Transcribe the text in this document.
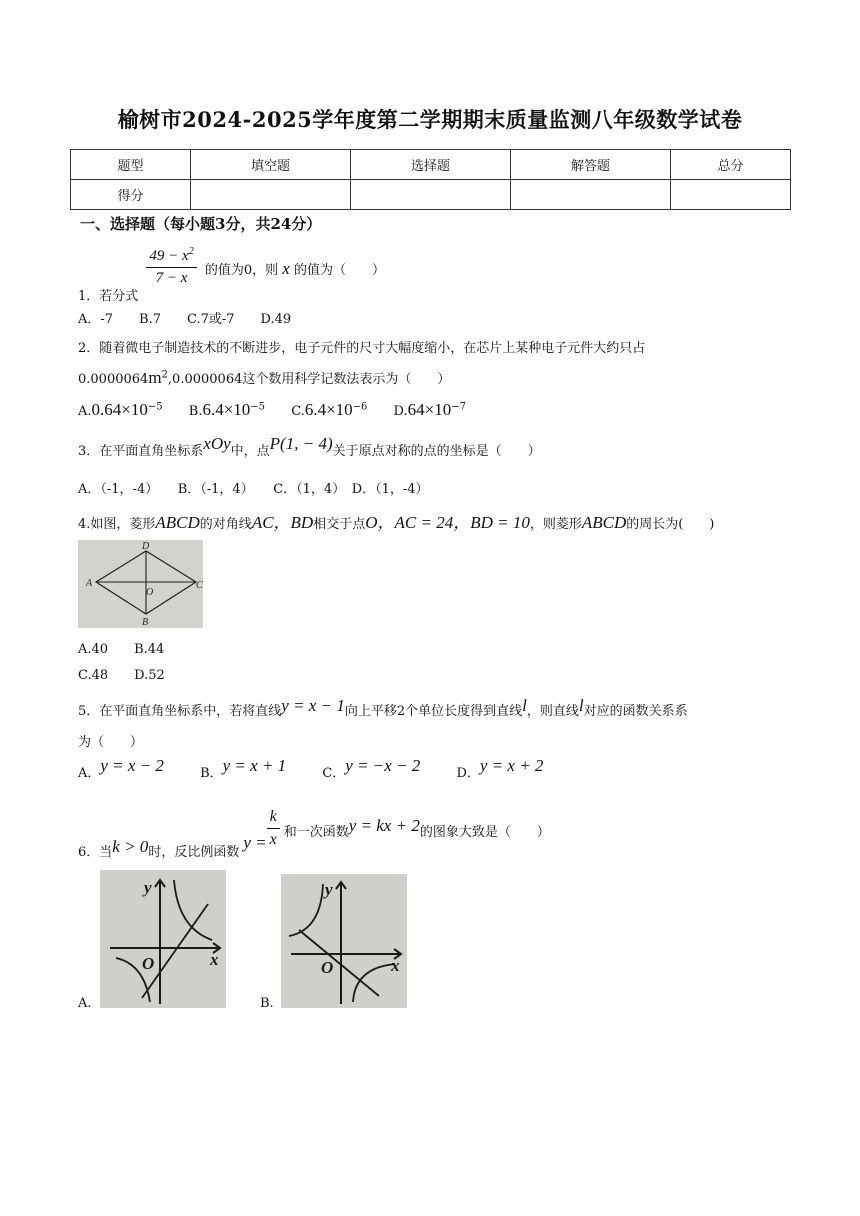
榆树市2024-2025学年度第二学期期末质量监测八年级数学试卷
题型	填空题	选择题	解答题	总分
得分				
一、选择题（每小题3分，共24分）
1．若分式
$\frac{49 - x^2}{7 - x}$ 的值为0，则 x 的值为（　　）
A．-7　　B.7　　C.7或-7　　D.49
2．随着微电子制造技术的不断进步，电子元件的尺寸大幅度缩小，在芯片上某种电子元件大约只占
$0.0000064m^2,0.0000064$这个数用科学记数法表示为（　　）
$A.0.64\times 10^{-5}$ $B.6.4\times 10^{-5}$ $C.6.4\times 10^{-6}$ $D.64\times 10^{-7}$
3．在平面直角坐标系xOy中，点P(1, − 4)关于原点对称的点的坐标是（　　）
A．（-1，-4）　　B．（-1，4）　　C．（1，4）　D．（1，-4）
4.如图，菱形ABCD的对角线AC，BD相交于点O，AC = 24，BD = 10，则菱形ABCD的周长为(　　)
A
D
C
B
O
A.40　　B.44
C.48　　D.52
5．在平面直角坐标系中，若将直线y = x − 1向上平移2个单位长度得到直线l，则直线l对应的函数关系系
为（　　）
A．y = x − 2	B．y = x + 1	C．y = −x − 2	D．y = x + 2
6．当k > 0时，反比例函数$y = \frac{k}{x}$ 和一次函数y = kx + 2的图象大致是（　　）
A.
y
x
O
B.
y
x
O
